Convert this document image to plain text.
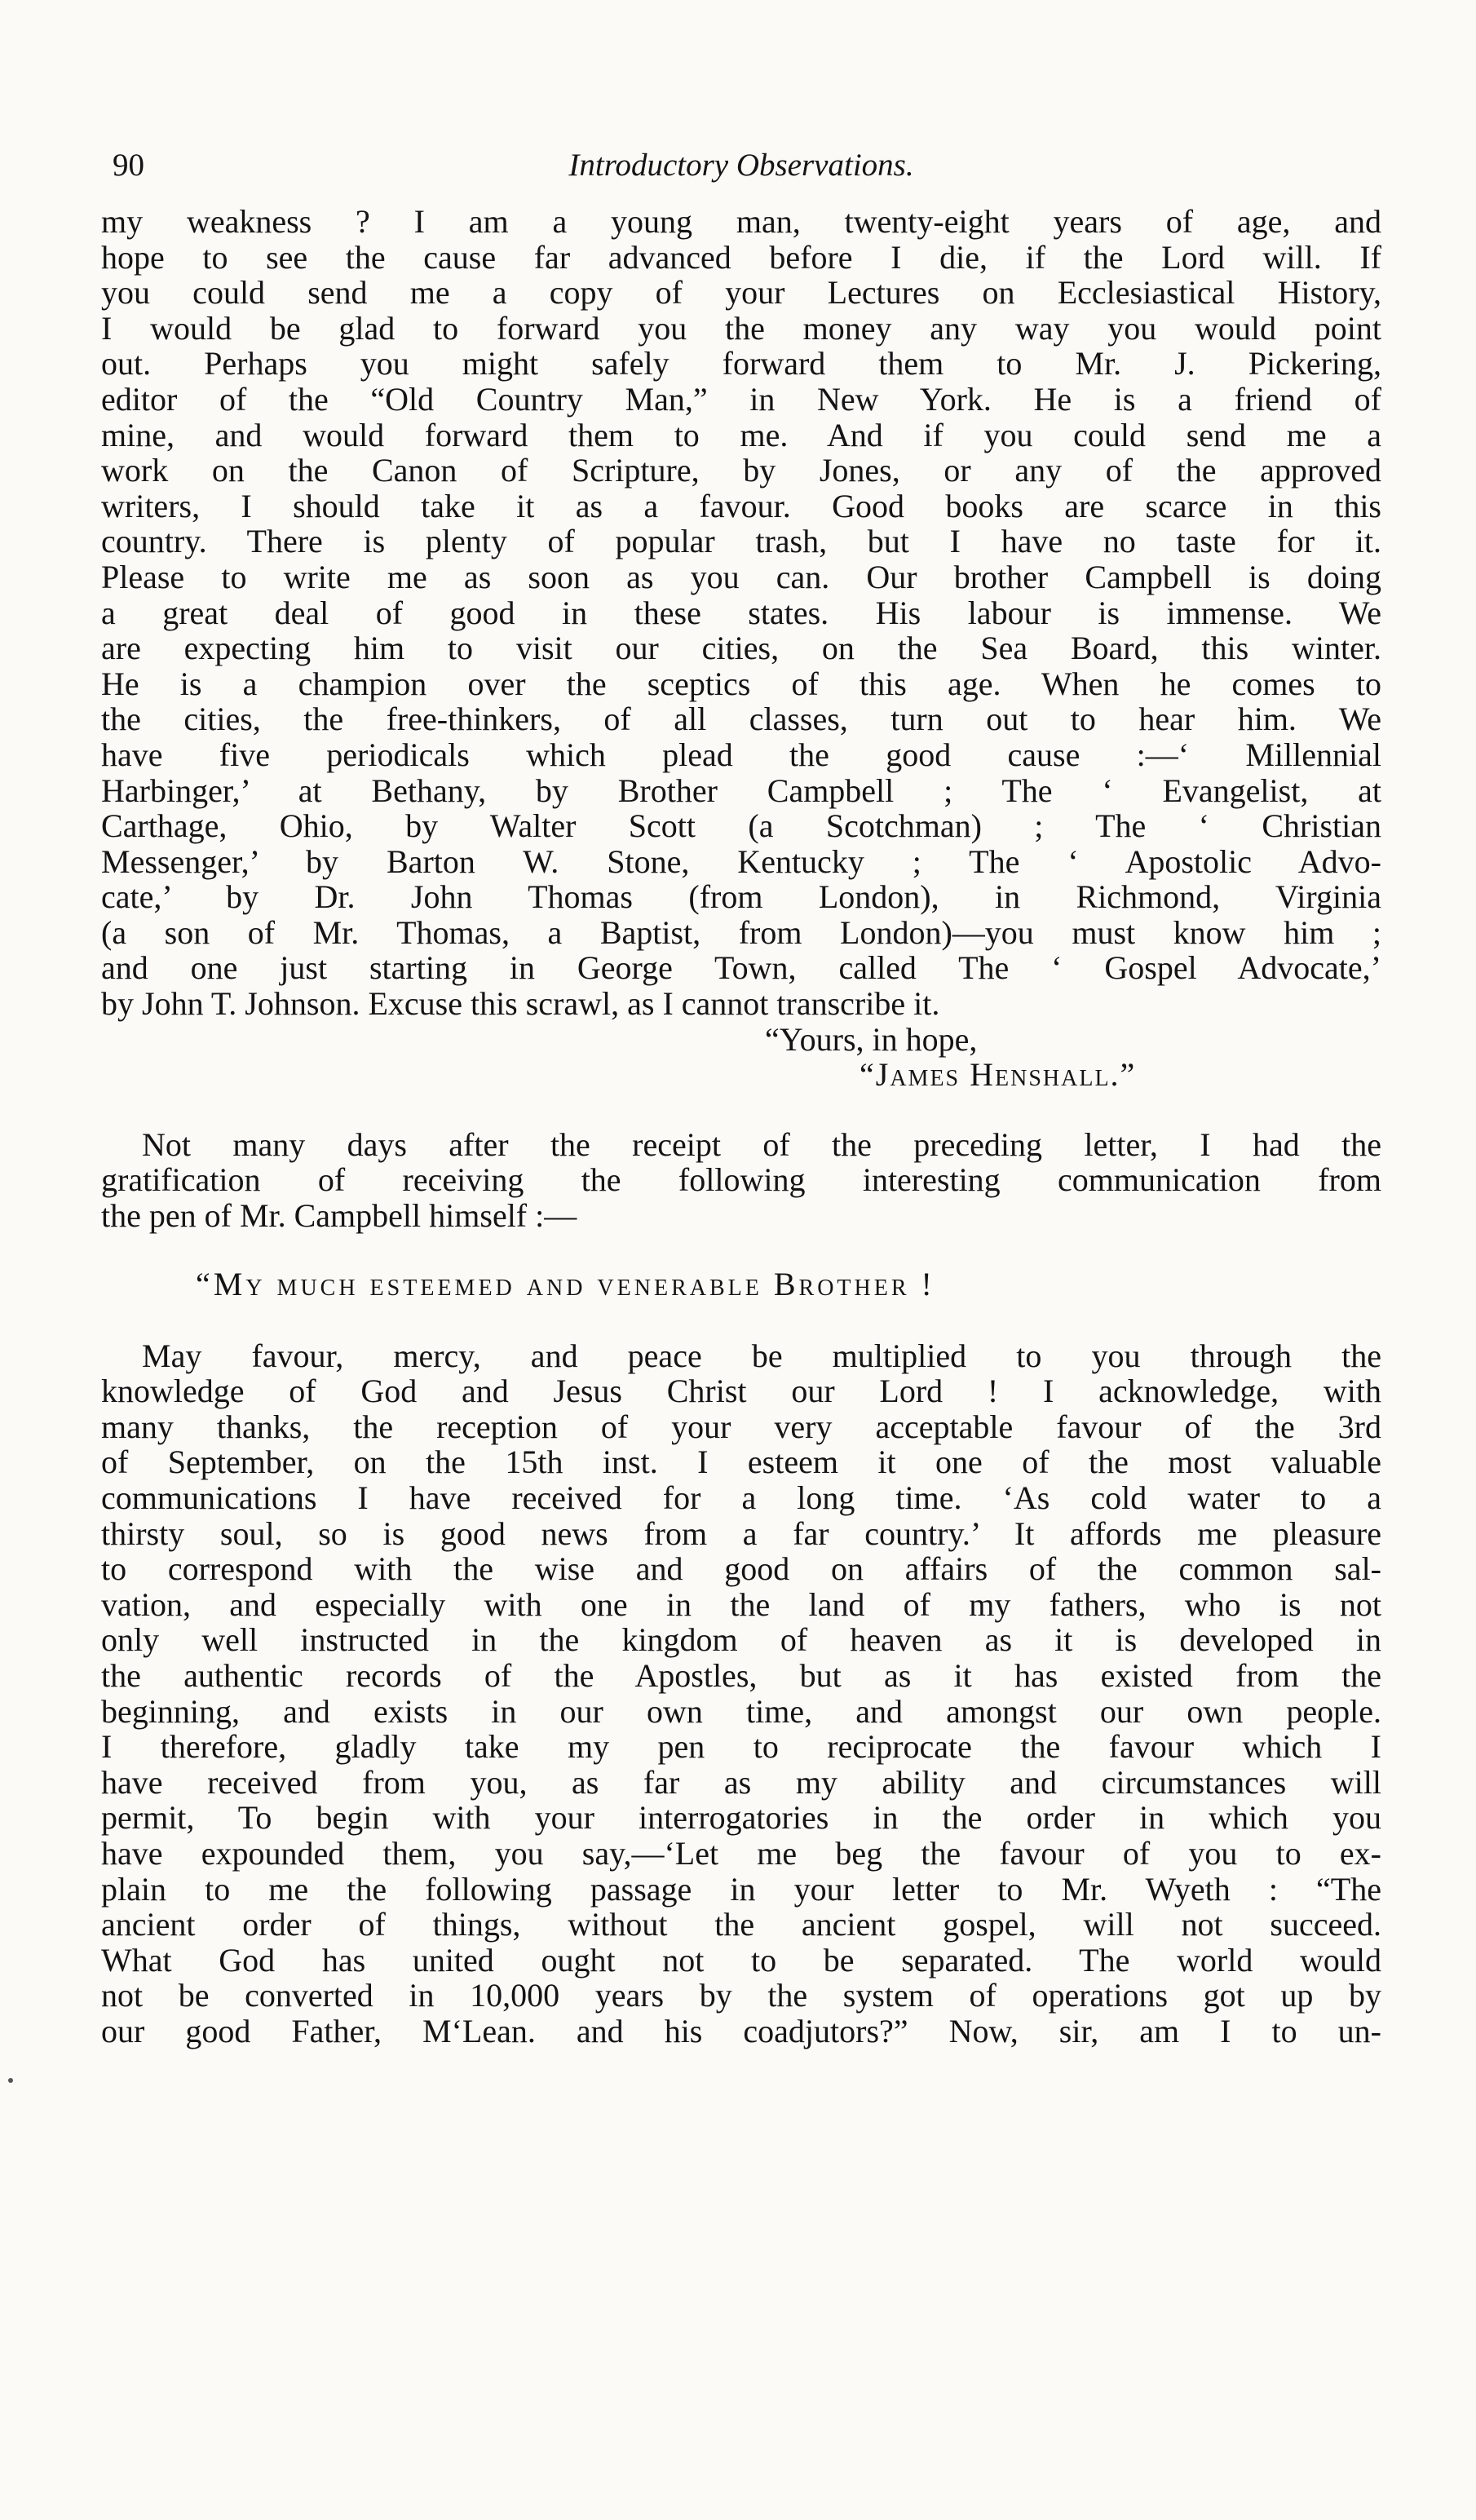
90	Introductory Observations.
my weakness ? I am a young man, twenty-eight years of age, and
hope to see the cause far advanced before I die, if the Lord will. If
you could send me a copy of your Lectures on Ecclesiastical History,
I would be glad to forward you the money any way you would point
out. Perhaps you might safely forward them to Mr. J. Pickering,
editor of the “Old Country Man,” in New York. He is a friend of
mine, and would forward them to me. And if you could send me a
work on the Canon of Scripture, by Jones, or any of the approved
writers, I should take it as a favour. Good books are scarce in this
country. There is plenty of popular trash, but I have no taste for it.
Please to write me as soon as you can. Our brother Campbell is doing
a great deal of good in these states. His labour is immense. We
are expecting him to visit our cities, on the Sea Board, this winter.
He is a champion over the sceptics of this age. When he comes to
the cities, the free-thinkers, of all classes, turn out to hear him. We
have five periodicals which plead the good cause :—‘ Millennial
Harbinger,’ at Bethany, by Brother Campbell ; The ‘ Evangelist, at
Carthage, Ohio, by Walter Scott (a Scotchman) ; The ‘ Christian
Messenger,’ by Barton W. Stone, Kentucky ; The ‘ Apostolic Advo-
cate,’ by Dr. John Thomas (from London), in Richmond, Virginia
(a son of Mr. Thomas, a Baptist, from London)—you must know him ;
and one just starting in George Town, called The ‘ Gospel Advocate,’
by John T. Johnson. Excuse this scrawl, as I cannot transcribe it.
“Yours, in hope,
“James Henshall.”
Not many days after the receipt of the preceding letter, I had the
gratification of receiving the following interesting communication from
the pen of Mr. Campbell himself :—
“My much esteemed and venerable Brother !
May favour, mercy, and peace be multiplied to you through the
knowledge of God and Jesus Christ our Lord ! I acknowledge, with
many thanks, the reception of your very acceptable favour of the 3rd
of September, on the 15th inst. I esteem it one of the most valuable
communications I have received for a long time. ‘As cold water to a
thirsty soul, so is good news from a far country.’ It affords me pleasure
to correspond with the wise and good on affairs of the common sal-
vation, and especially with one in the land of my fathers, who is not
only well instructed in the kingdom of heaven as it is developed in
the authentic records of the Apostles, but as it has existed from the
beginning, and exists in our own time, and amongst our own people.
I therefore, gladly take my pen to reciprocate the favour which I
have received from you, as far as my ability and circumstances will
permit, To begin with your interrogatories in the order in which you
have expounded them, you say,—‘Let me beg the favour of you to ex-
plain to me the following passage in your letter to Mr. Wyeth : “The
ancient order of things, without the ancient gospel, will not succeed.
What God has united ought not to be separated. The world would
not be converted in 10,000 years by the system of operations got up by
our good Father, M‘Lean. and his coadjutors?” Now, sir, am I to un-
